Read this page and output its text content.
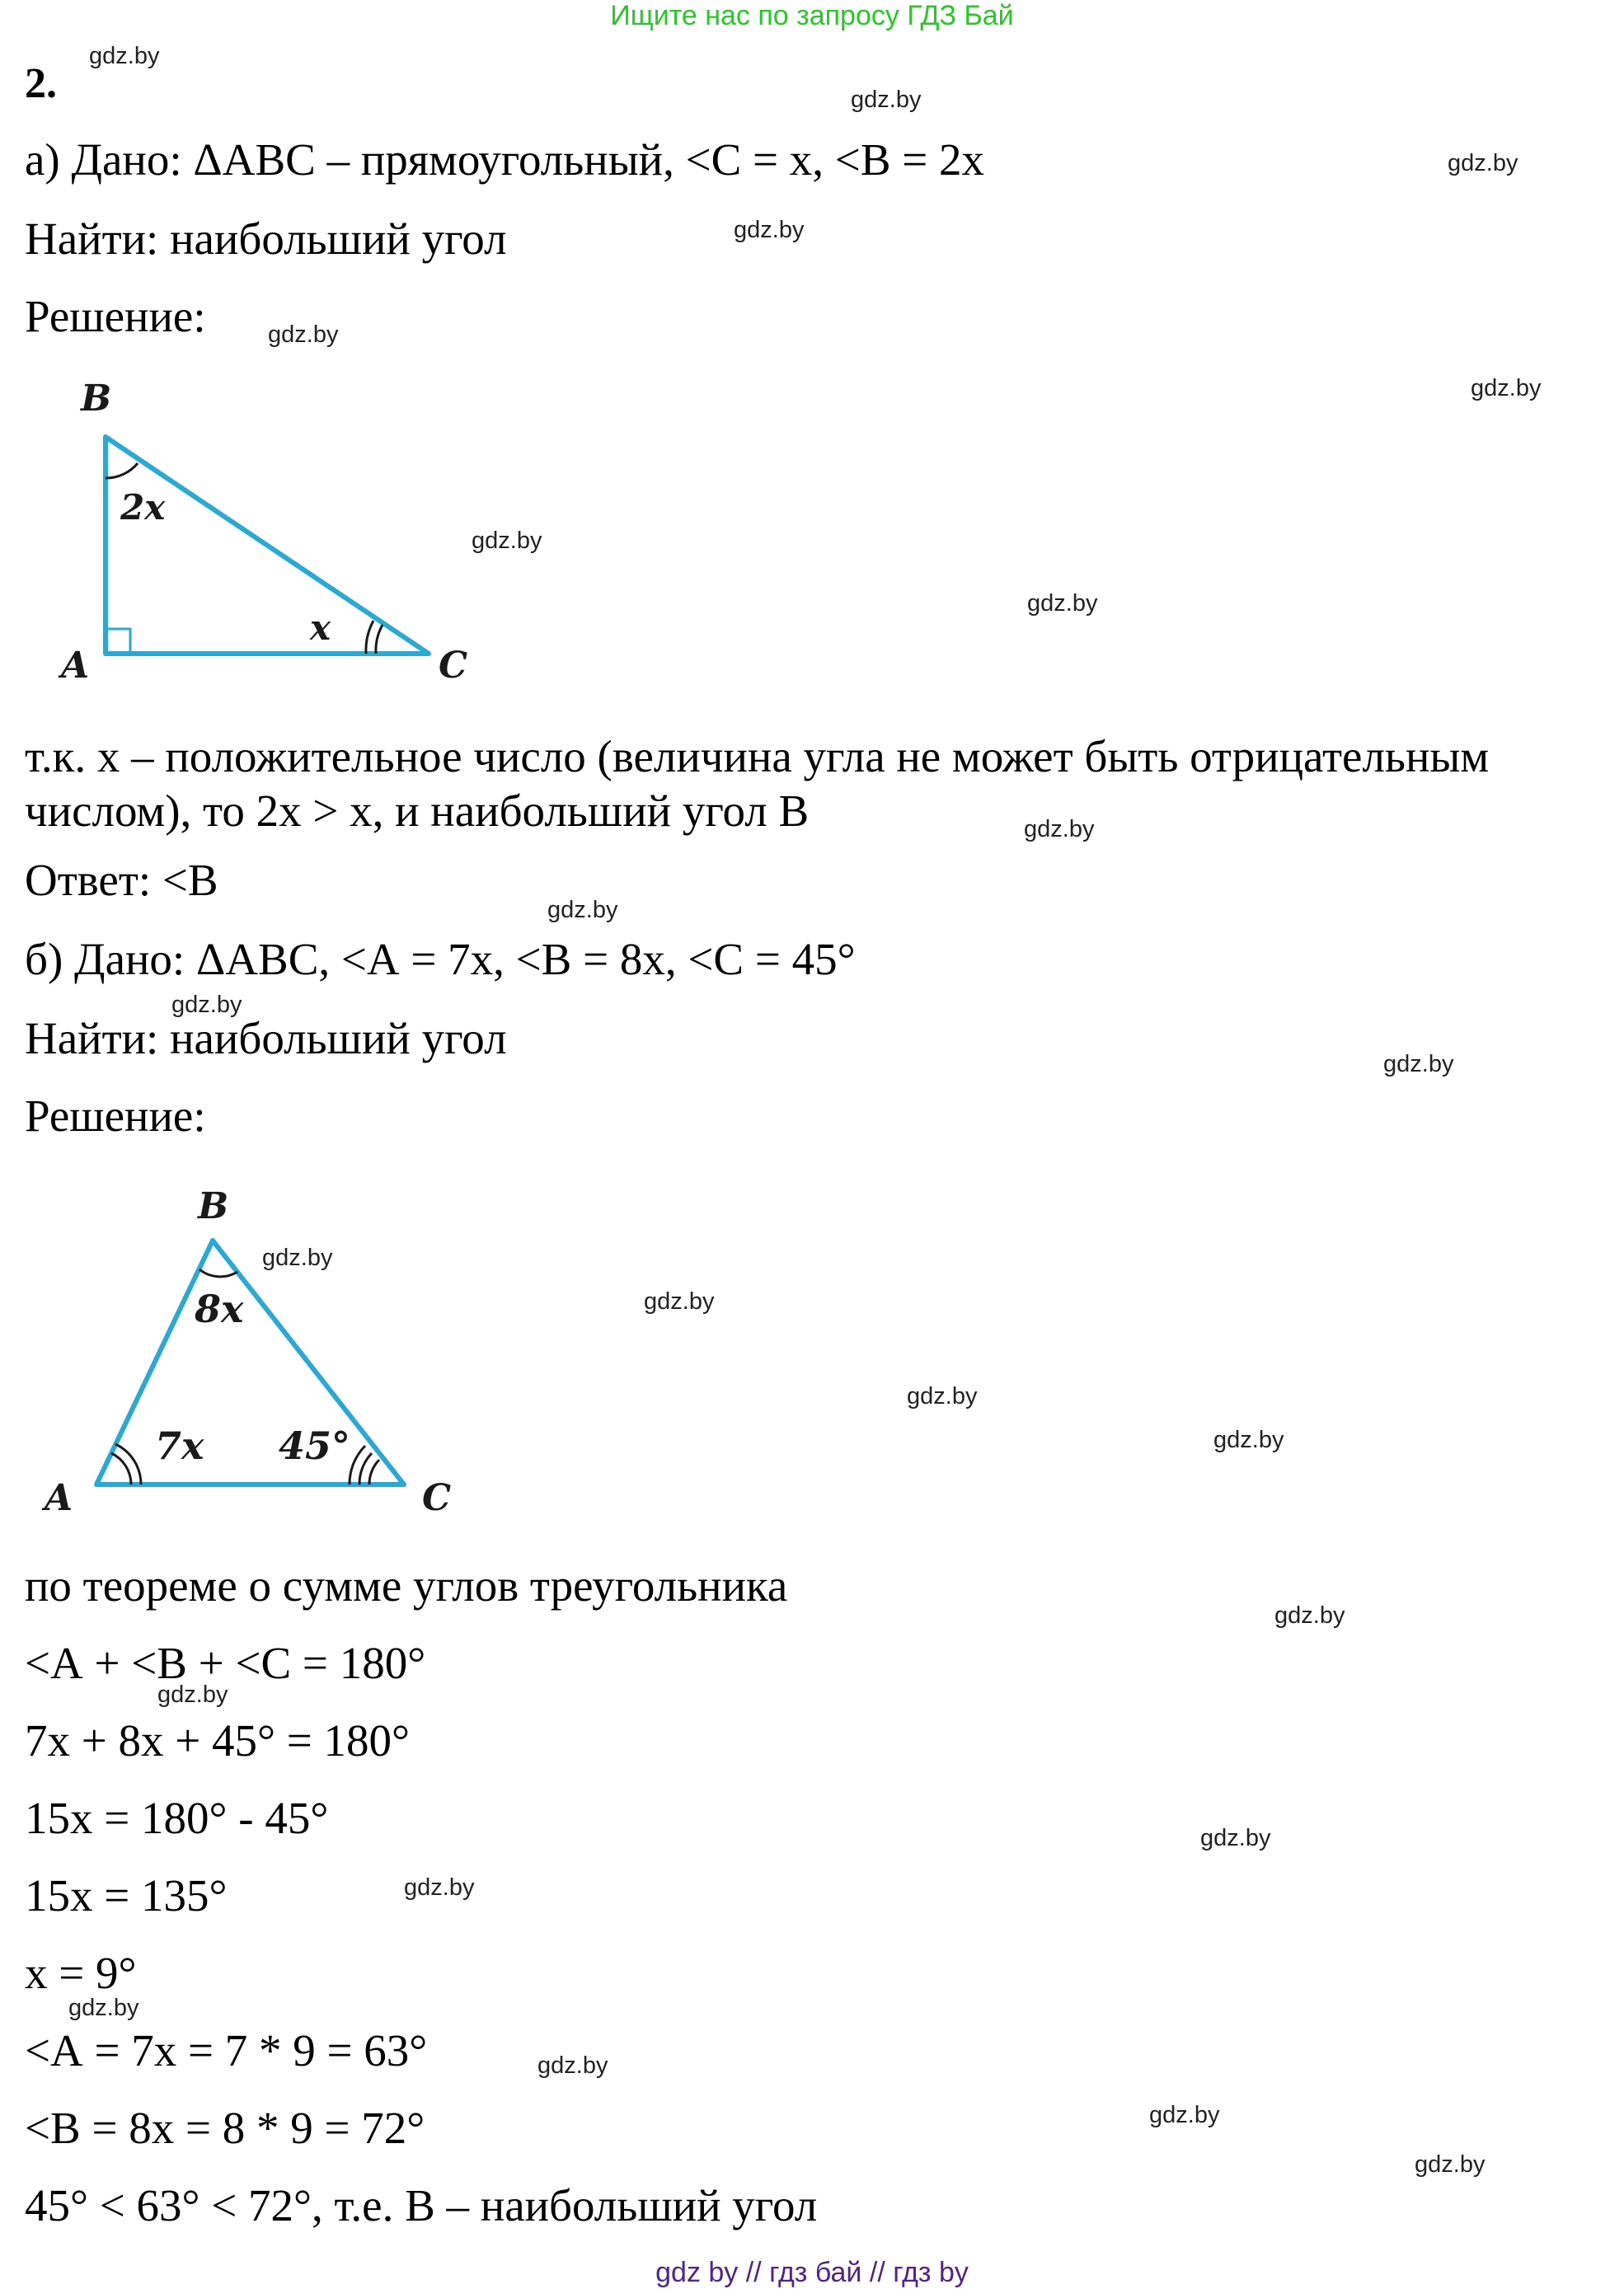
Ищите нас по запросу ГДЗ Бай
2.
а) Дано: ΔАВС – прямоугольный, <С = х, <В = 2х
Найти: наибольший угол
Решение:
B
A	C
2x
x
т.к. х – положительное число (величина угла не может быть отрицательным
числом), то 2х > х, и наибольший угол В
Ответ: <В
б) Дано: ΔАВС, <А = 7х, <В = 8х, <С = 45°
Найти: наибольший угол
Решение:
B
A	C
8x
7x 45°
по теореме о сумме углов треугольника
<А + <В + <С = 180°
7х + 8х + 45° = 180°
15х = 180° - 45°
15х = 135°
х = 9°
<А = 7х = 7 * 9 = 63°
<В = 8х = 8 * 9 = 72°
45° < 63° < 72°, т.е. В – наибольший угол
gdz.by
gdz.by
gdz.by
gdz.by
gdz.by
gdz.by
gdz.by
gdz.by
gdz.by
gdz.by
gdz.by
gdz.by
gdz.by
gdz.by
gdz.by
gdz.by
gdz.by
gdz.by
gdz.by
gdz.by
gdz.by
gdz.by
gdz.by
gdz.by
gdz by // гдз бай // гдз by
